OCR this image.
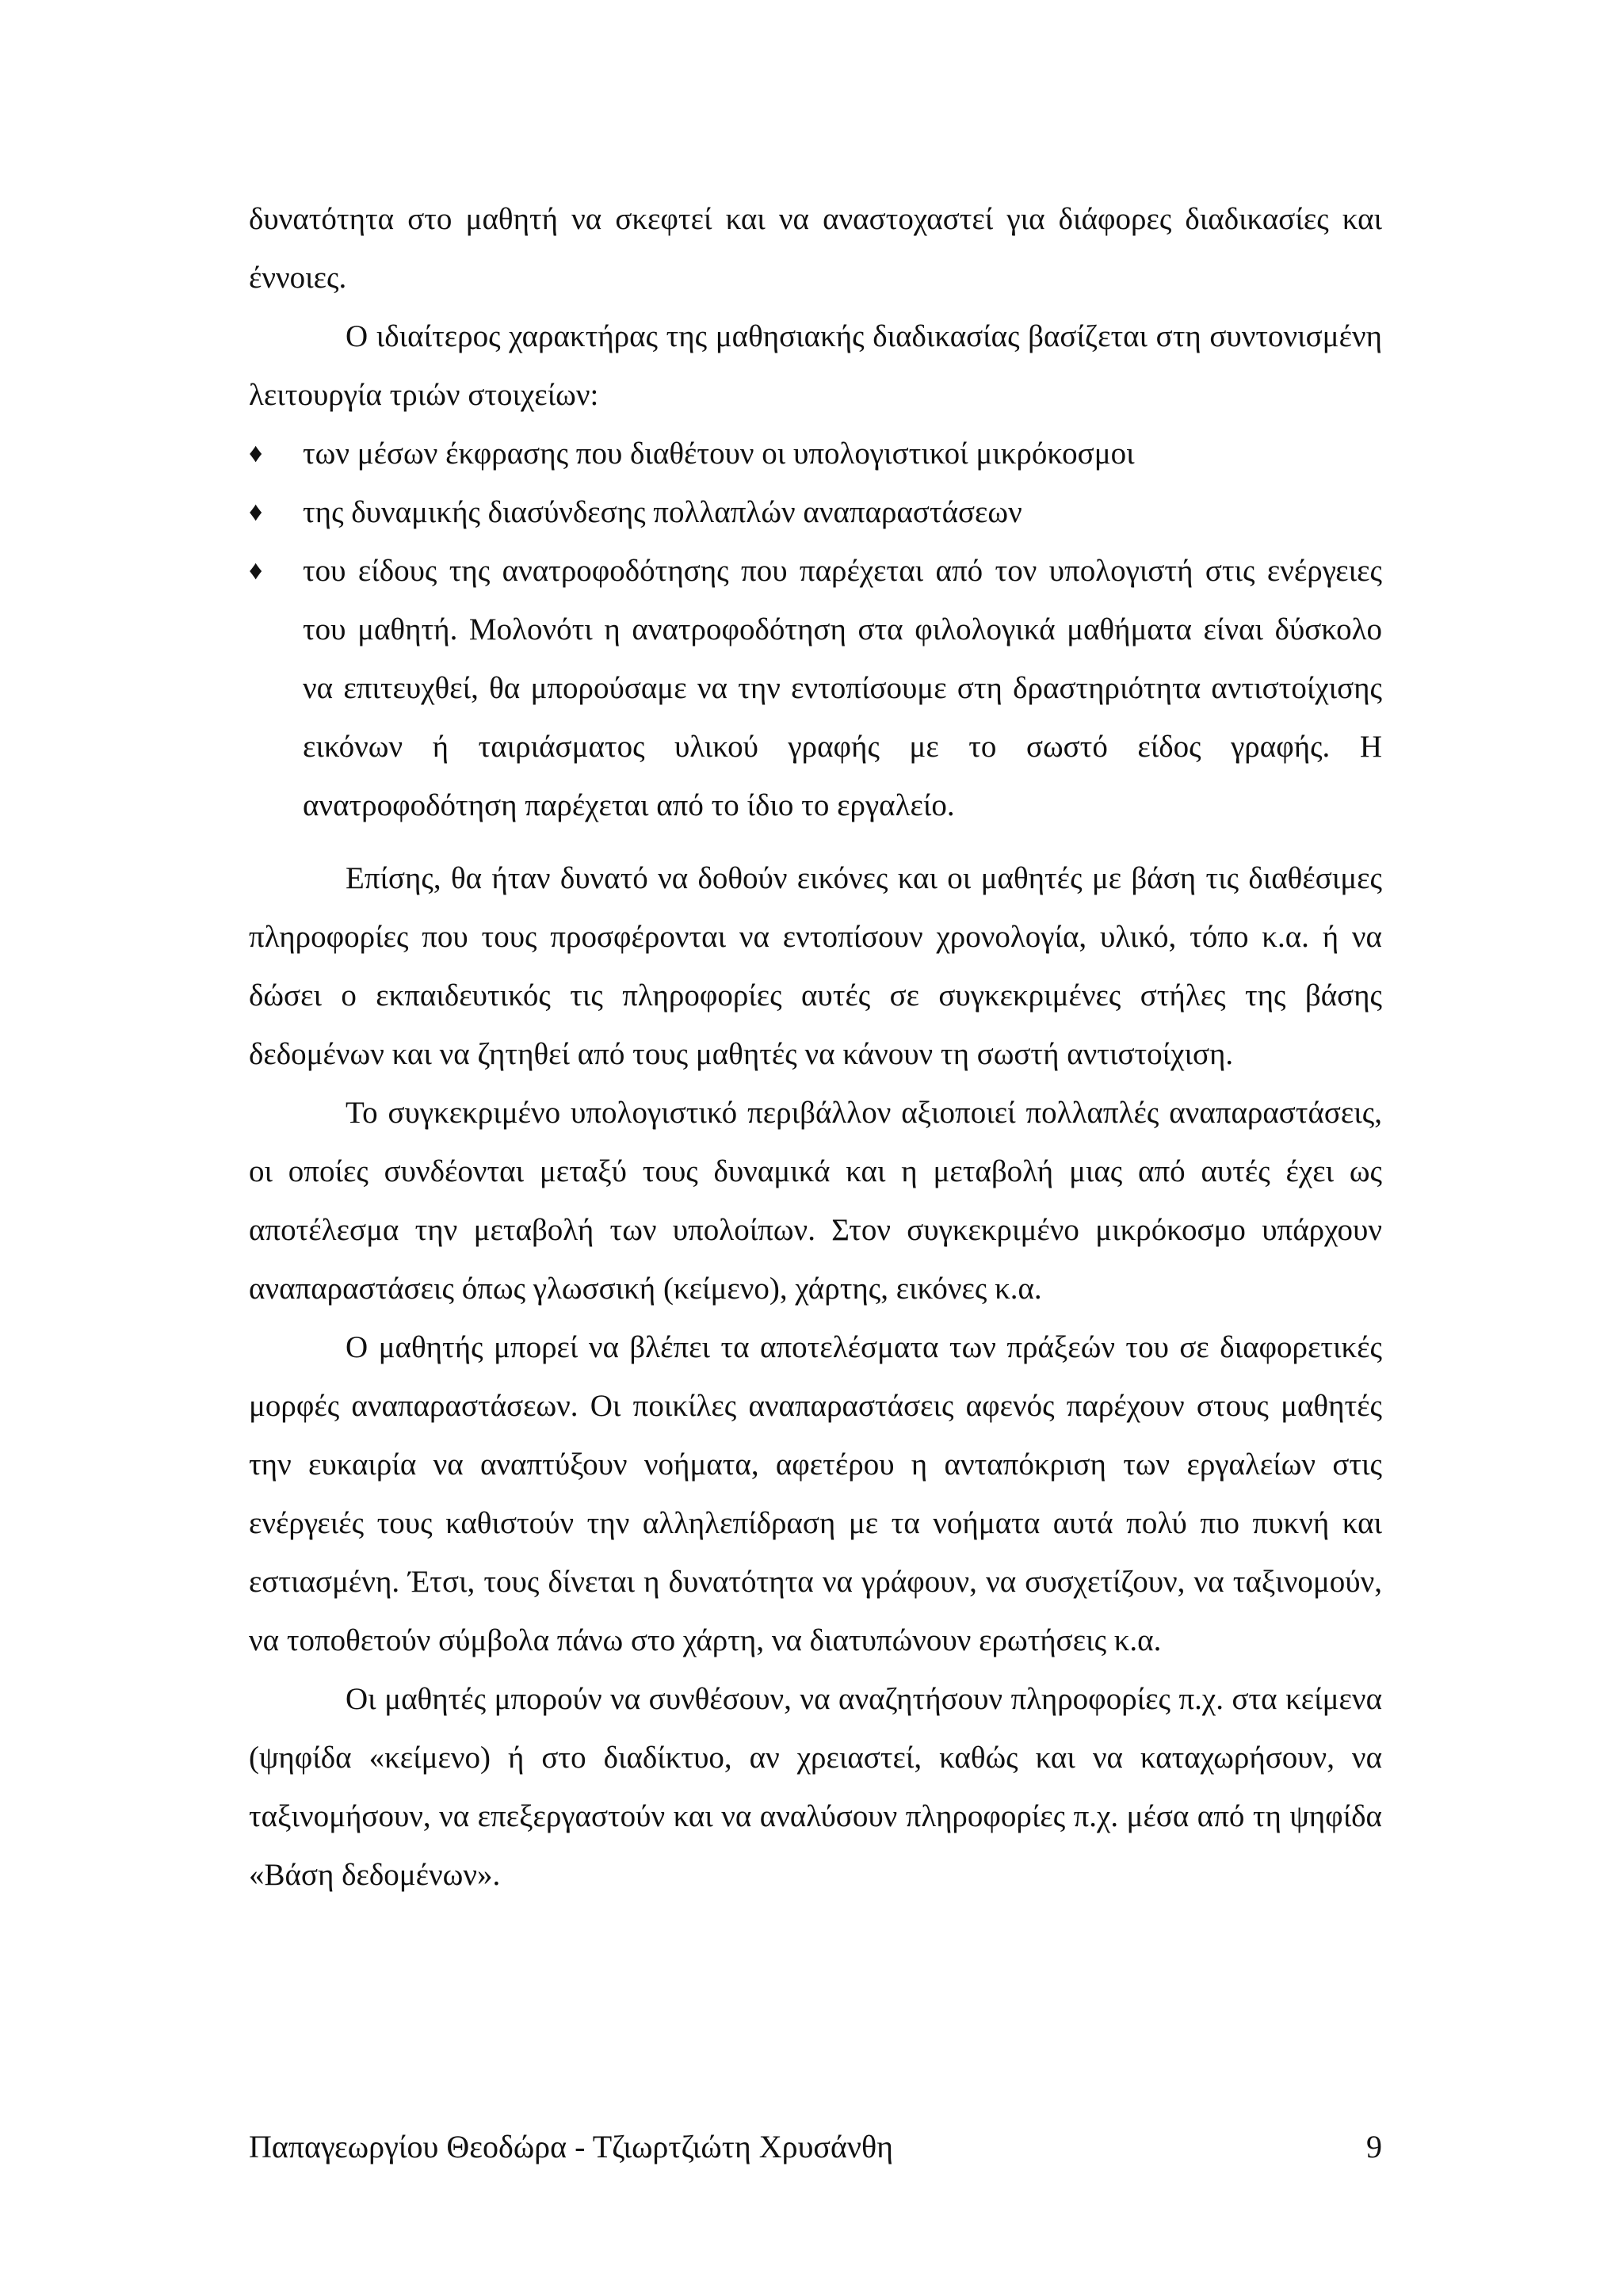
δυνατότητα στο μαθητή να σκεφτεί και να αναστοχαστεί για διάφορες διαδικασίες και έννοιες.

Ο ιδιαίτερος χαρακτήρας της μαθησιακής διαδικασίας βασίζεται στη συντονισμένη λειτουργία τριών στοιχείων:

♦	των μέσων έκφρασης που διαθέτουν οι υπολογιστικοί μικρόκοσμοι
♦	της δυναμικής διασύνδεσης πολλαπλών αναπαραστάσεων
♦	του είδους της ανατροφοδότησης που παρέχεται από τον υπολογιστή στις ενέργειες του μαθητή. Μολονότι η ανατροφοδότηση στα φιλολογικά μαθήματα είναι δύσκολο να επιτευχθεί, θα μπορούσαμε να την εντοπίσουμε στη δραστηριότητα αντιστοίχισης εικόνων ή ταιριάσματος υλικού γραφής με το σωστό είδος γραφής. Η ανατροφοδότηση παρέχεται από το ίδιο το εργαλείο.

Επίσης, θα ήταν δυνατό να δοθούν εικόνες και οι μαθητές με βάση τις διαθέσιμες πληροφορίες που τους προσφέρονται να εντοπίσουν χρονολογία, υλικό, τόπο κ.α. ή να δώσει ο εκπαιδευτικός τις πληροφορίες αυτές σε συγκεκριμένες στήλες της βάσης δεδομένων και να ζητηθεί από τους μαθητές να κάνουν τη σωστή αντιστοίχιση.

Το συγκεκριμένο υπολογιστικό περιβάλλον αξιοποιεί πολλαπλές αναπαραστάσεις, οι οποίες συνδέονται μεταξύ τους δυναμικά και η μεταβολή μιας από αυτές έχει ως αποτέλεσμα την μεταβολή των υπολοίπων. Στον συγκεκριμένο μικρόκοσμο υπάρχουν αναπαραστάσεις όπως γλωσσική (κείμενο), χάρτης, εικόνες κ.α.

Ο μαθητής μπορεί να βλέπει τα αποτελέσματα των πράξεών του σε διαφορετικές μορφές αναπαραστάσεων. Οι ποικίλες αναπαραστάσεις αφενός παρέχουν στους μαθητές την ευκαιρία να αναπτύξουν νοήματα, αφετέρου η ανταπόκριση των εργαλείων στις ενέργειές τους καθιστούν την αλληλεπίδραση με τα νοήματα αυτά πολύ πιο πυκνή και εστιασμένη. Έτσι, τους δίνεται η δυνατότητα να γράφουν, να συσχετίζουν, να ταξινομούν, να τοποθετούν σύμβολα πάνω στο χάρτη, να διατυπώνουν ερωτήσεις κ.α.

Οι μαθητές μπορούν να συνθέσουν, να αναζητήσουν πληροφορίες π.χ. στα κείμενα (ψηφίδα «κείμενο) ή στο διαδίκτυο, αν χρειαστεί, καθώς και να καταχωρήσουν, να ταξινομήσουν, να επεξεργαστούν και να αναλύσουν πληροφορίες π.χ. μέσα από τη ψηφίδα «Βάση δεδομένων».

Παπαγεωργίου Θεοδώρα - Τζιωρτζιώτη Χρυσάνθη	9
